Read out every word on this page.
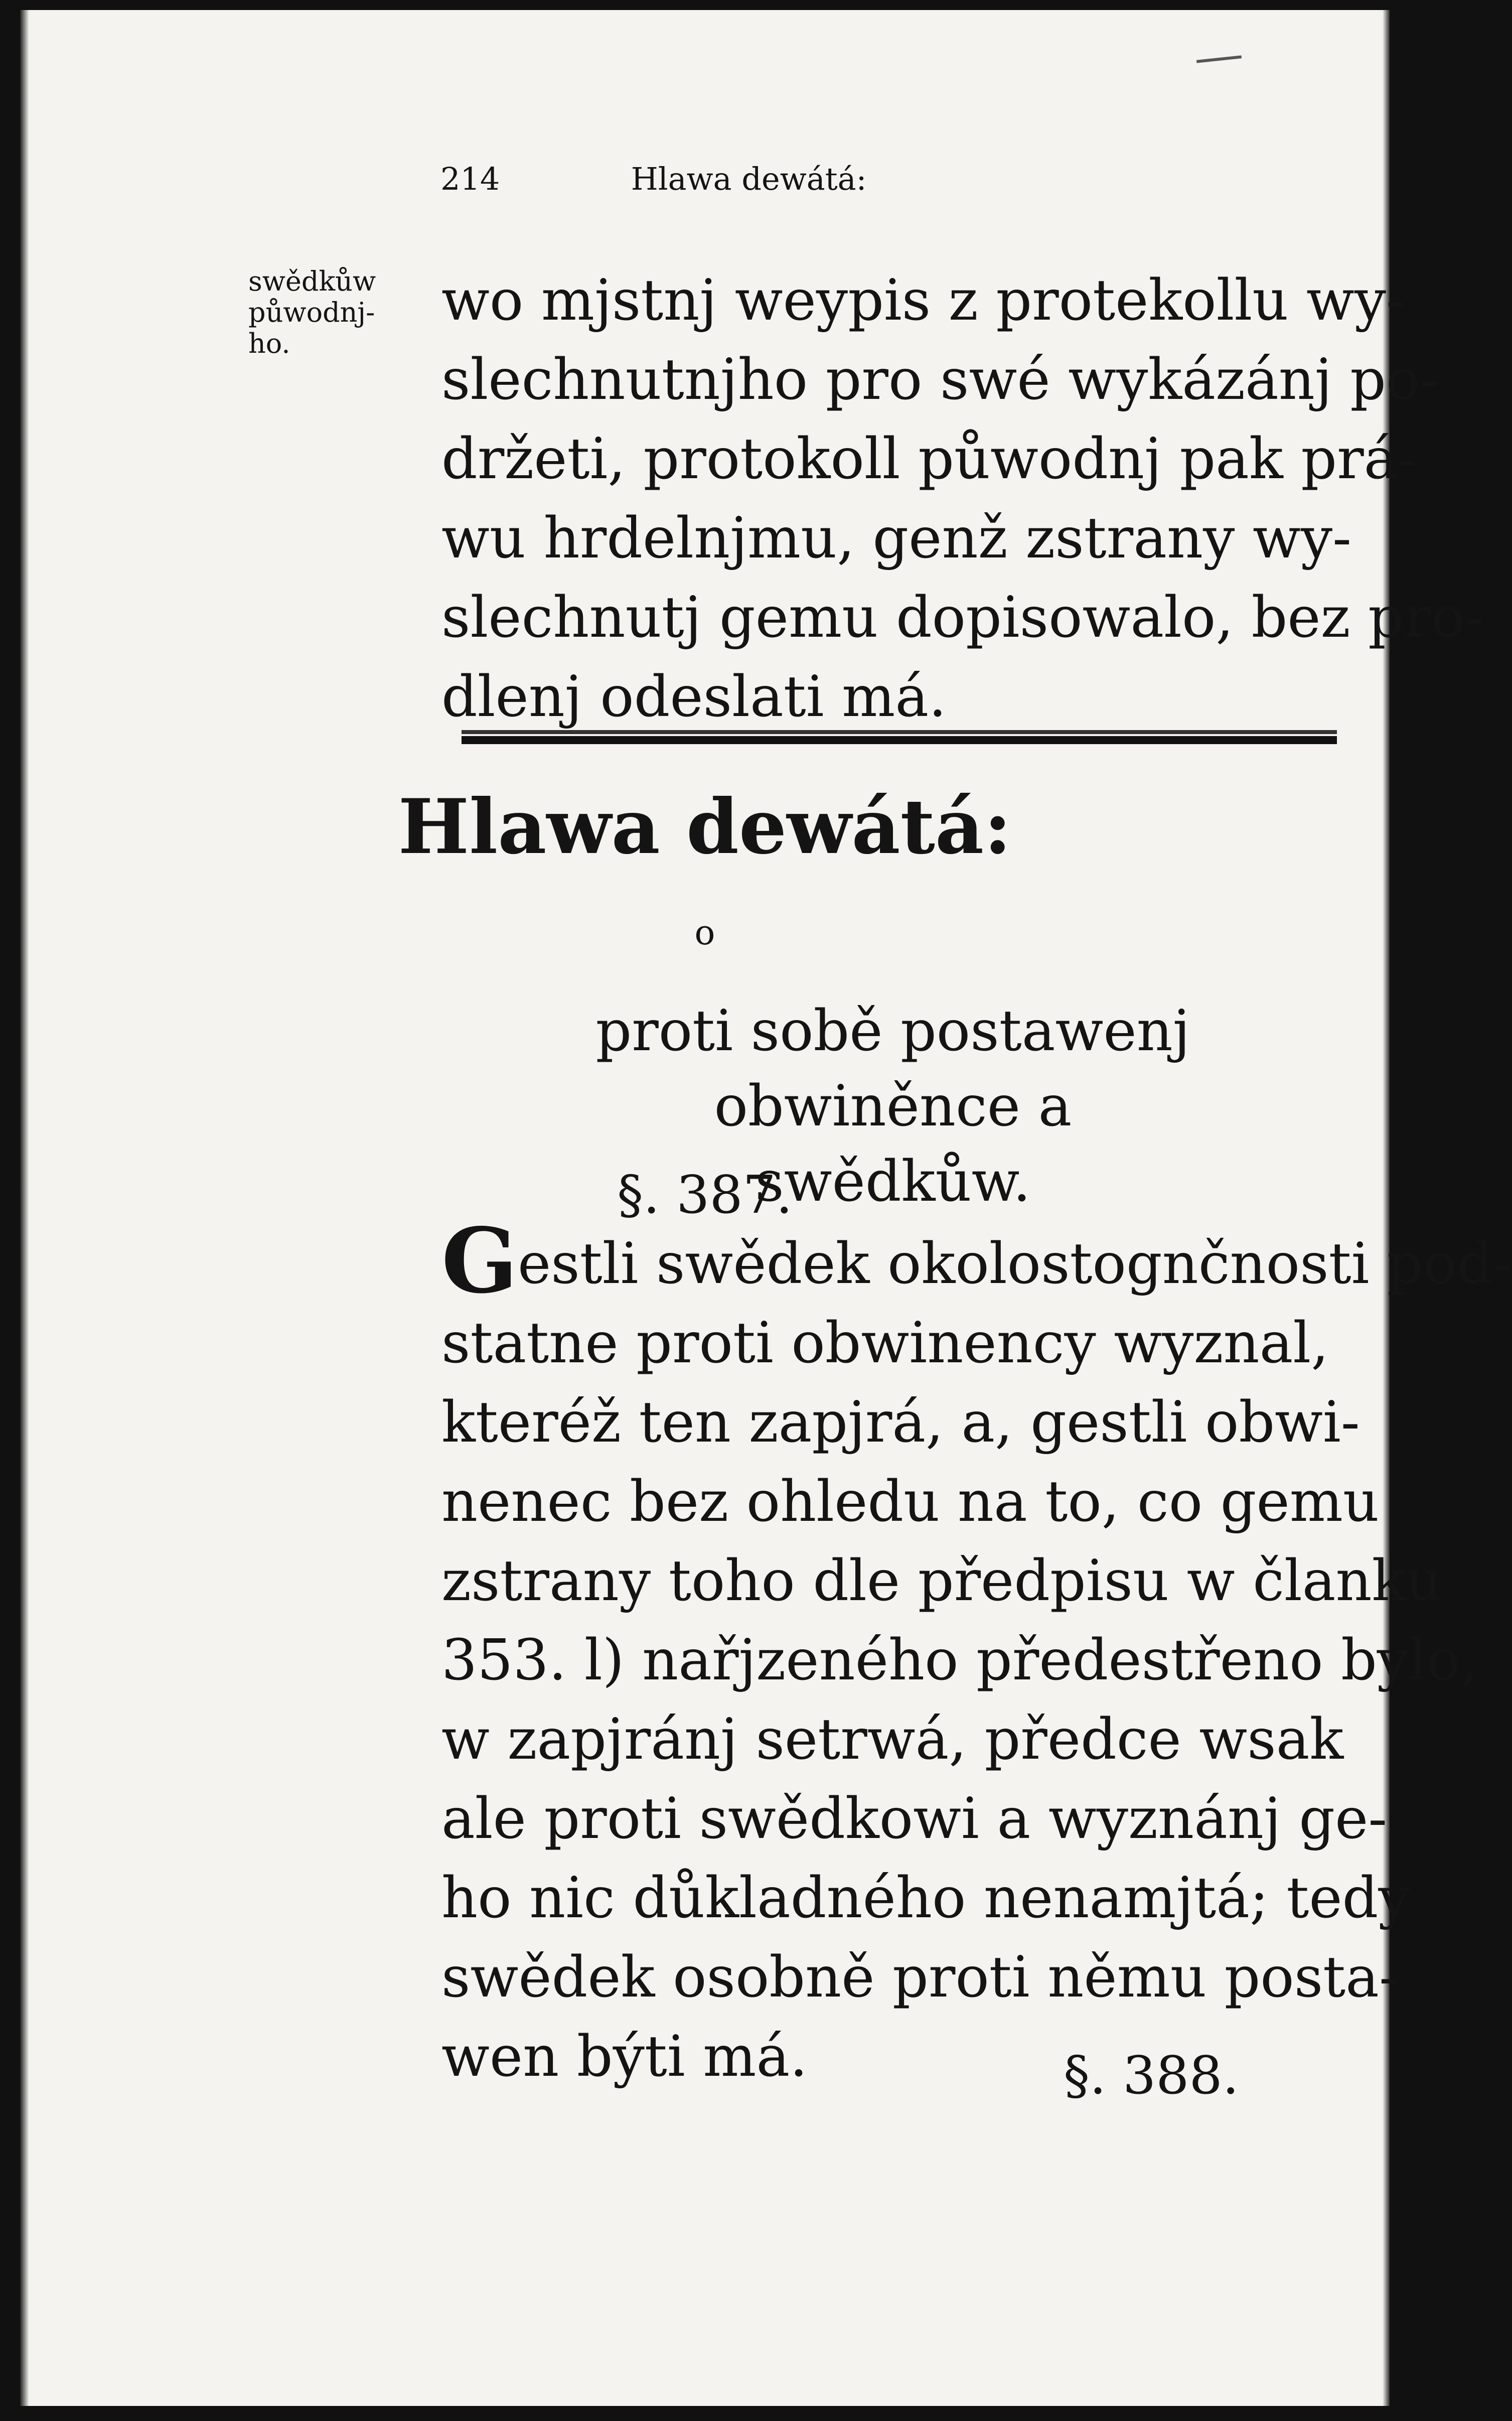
214	Hlawa dewátá:
swědkůw
půwodnj-
ho.
wo mjstnj weypis z protekollu wy-
slechnutnjho pro swé wykázánj po-
držeti, protokoll půwodnj pak prá-
wu hrdelnjmu, genž zstrany wy-
slechnutj gemu dopisowalo, bez pro-
dlenj odeslati má.
Hlawa dewátá:
o
proti sobě postawenj obwiněnce a
swědkůw.
§. 387.
Gestli swědek okolostognčnosti pod-
statne proti obwinency wyznal,
kteréž ten zapjrá, a, gestli obwi-
nenec bez ohledu na to, co gemu
zstrany toho dle předpisu w članku
353. l) nařjzeného předestřeno bylo,
w zapjránj setrwá, předce wsak
ale proti swědkowi a wyznánj ge-
ho nic důkladného nenamjtá; tedy
swědek osobně proti němu posta-
wen býti má.	§. 388.
